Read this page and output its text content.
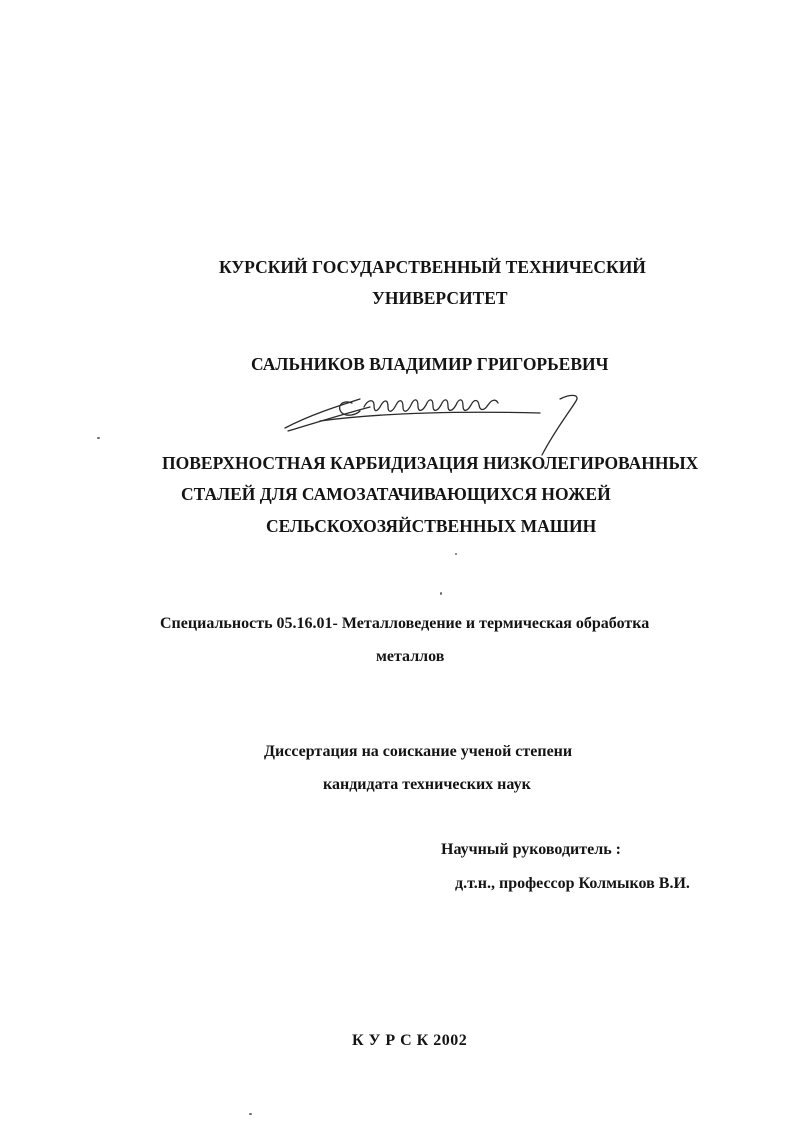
КУРСКИЙ ГОСУДАРСТВЕННЫЙ ТЕХНИЧЕСКИЙ
УНИВЕРСИТЕТ
САЛЬНИКОВ ВЛАДИМИР ГРИГОРЬЕВИЧ
ПОВЕРХНОСТНАЯ КАРБИДИЗАЦИЯ НИЗКОЛЕГИРОВАННЫХ
СТАЛЕЙ ДЛЯ САМОЗАТАЧИВАЮЩИХСЯ НОЖЕЙ
СЕЛЬСКОХОЗЯЙСТВЕННЫХ МАШИН
Специальность 05.16.01- Металловедение и термическая обработка
металлов
Диссертация на соискание ученой степени
кандидата технических наук
Научный руководитель :
д.т.н., профессор Колмыков В.И.
К У Р С К 2002
